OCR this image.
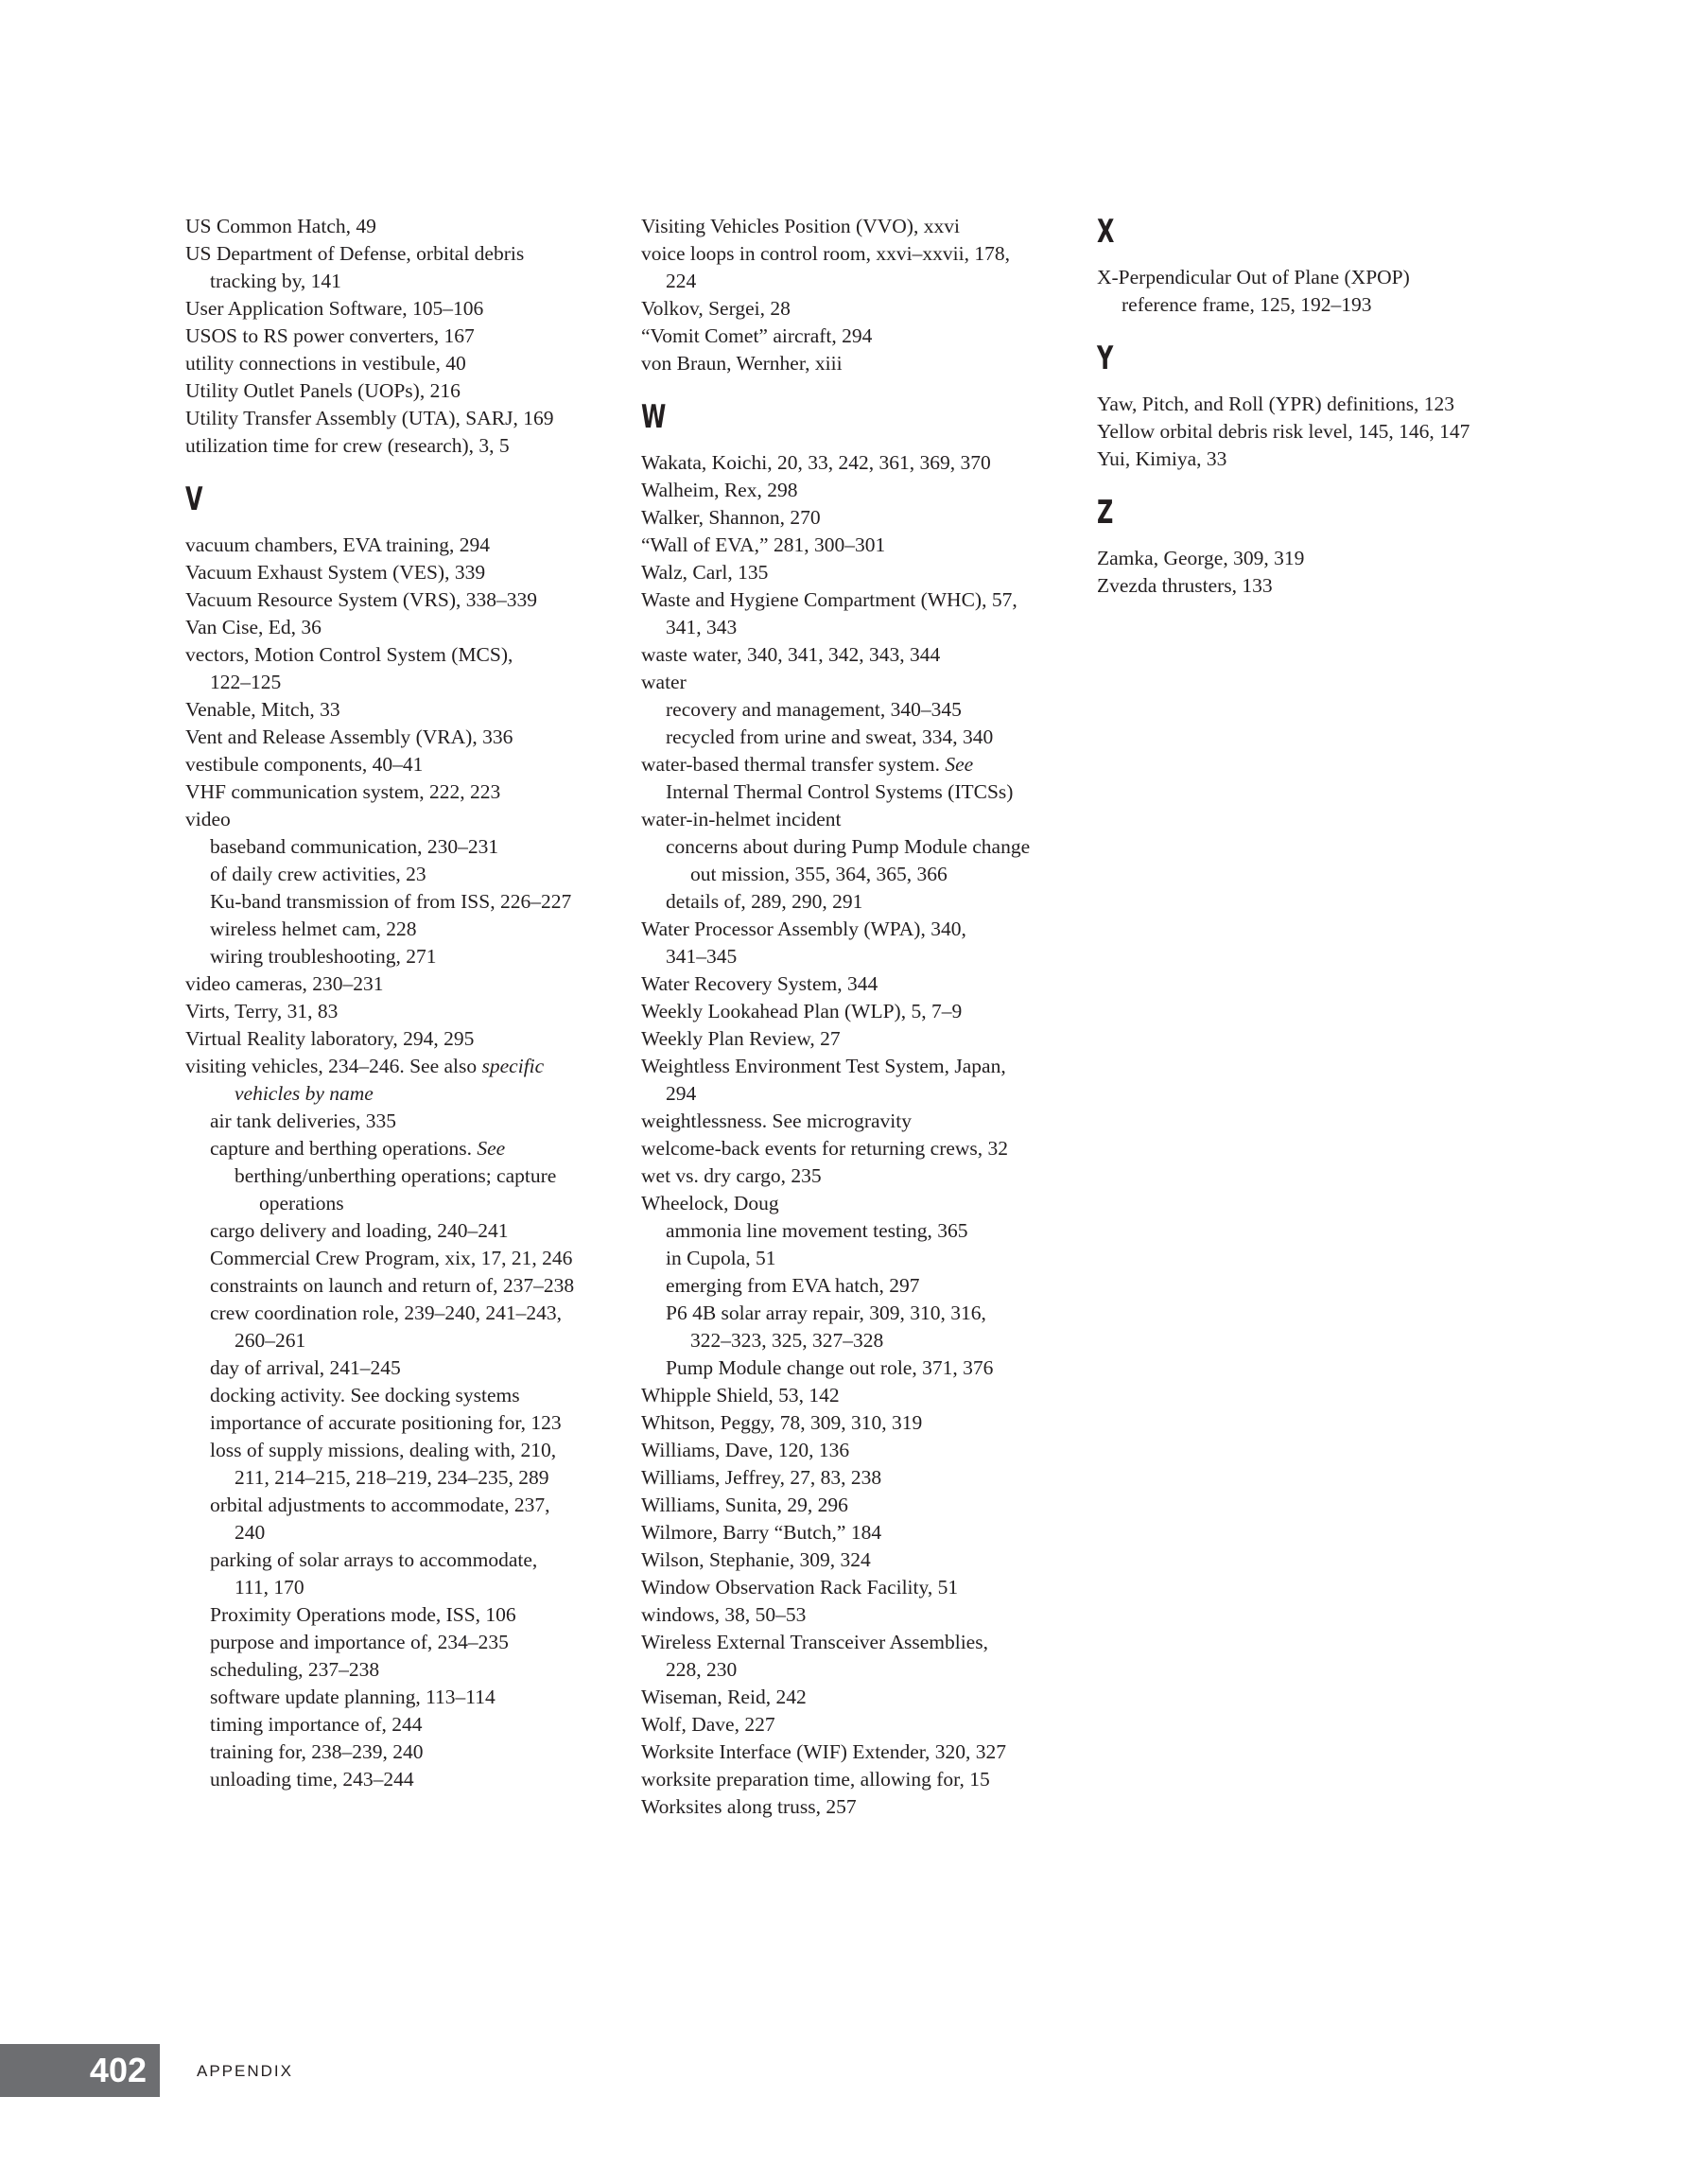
US Common Hatch, 49
US Department of Defense, orbital debris
tracking by, 141
User Application Software, 105–106
USOS to RS power converters, 167
utility connections in vestibule, 40
Utility Outlet Panels (UOPs), 216
Utility Transfer Assembly (UTA), SARJ, 169
utilization time for crew (research), 3, 5
V
vacuum chambers, EVA training, 294
Vacuum Exhaust System (VES), 339
Vacuum Resource System (VRS), 338–339
Van Cise, Ed, 36
vectors, Motion Control System (MCS),
122–125
Venable, Mitch, 33
Vent and Release Assembly (VRA), 336
vestibule components, 40–41
VHF communication system, 222, 223
video
baseband communication, 230–231
of daily crew activities, 23
Ku-band transmission of from ISS, 226–227
wireless helmet cam, 228
wiring troubleshooting, 271
video cameras, 230–231
Virts, Terry, 31, 83
Virtual Reality laboratory, 294, 295
visiting vehicles, 234–246. See also specific
vehicles by name
air tank deliveries, 335
capture and berthing operations. See
berthing/unberthing operations; capture
operations
cargo delivery and loading, 240–241
Commercial Crew Program, xix, 17, 21, 246
constraints on launch and return of, 237–238
crew coordination role, 239–240, 241–243,
260–261
day of arrival, 241–245
docking activity. See docking systems
importance of accurate positioning for, 123
loss of supply missions, dealing with, 210,
211, 214–215, 218–219, 234–235, 289
orbital adjustments to accommodate, 237,
240
parking of solar arrays to accommodate,
111, 170
Proximity Operations mode, ISS, 106
purpose and importance of, 234–235
scheduling, 237–238
software update planning, 113–114
timing importance of, 244
training for, 238–239, 240
unloading time, 243–244
Visiting Vehicles Position (VVO), xxvi
voice loops in control room, xxvi–xxvii, 178,
224
Volkov, Sergei, 28
“Vomit Comet” aircraft, 294
von Braun, Wernher, xiii
W
Wakata, Koichi, 20, 33, 242, 361, 369, 370
Walheim, Rex, 298
Walker, Shannon, 270
“Wall of EVA,” 281, 300–301
Walz, Carl, 135
Waste and Hygiene Compartment (WHC), 57,
341, 343
waste water, 340, 341, 342, 343, 344
water
recovery and management, 340–345
recycled from urine and sweat, 334, 340
water-based thermal transfer system. See
Internal Thermal Control Systems (ITCSs)
water-in-helmet incident
concerns about during Pump Module change
out mission, 355, 364, 365, 366
details of, 289, 290, 291
Water Processor Assembly (WPA), 340,
341–345
Water Recovery System, 344
Weekly Lookahead Plan (WLP), 5, 7–9
Weekly Plan Review, 27
Weightless Environment Test System, Japan,
294
weightlessness. See microgravity
welcome-back events for returning crews, 32
wet vs. dry cargo, 235
Wheelock, Doug
ammonia line movement testing, 365
in Cupola, 51
emerging from EVA hatch, 297
P6 4B solar array repair, 309, 310, 316,
322–323, 325, 327–328
Pump Module change out role, 371, 376
Whipple Shield, 53, 142
Whitson, Peggy, 78, 309, 310, 319
Williams, Dave, 120, 136
Williams, Jeffrey, 27, 83, 238
Williams, Sunita, 29, 296
Wilmore, Barry “Butch,” 184
Wilson, Stephanie, 309, 324
Window Observation Rack Facility, 51
windows, 38, 50–53
Wireless External Transceiver Assemblies,
228, 230
Wiseman, Reid, 242
Wolf, Dave, 227
Worksite Interface (WIF) Extender, 320, 327
worksite preparation time, allowing for, 15
Worksites along truss, 257
X
X-Perpendicular Out of Plane (XPOP)
reference frame, 125, 192–193
Y
Yaw, Pitch, and Roll (YPR) definitions, 123
Yellow orbital debris risk level, 145, 146, 147
Yui, Kimiya, 33
Z
Zamka, George, 309, 319
Zvezda thrusters, 133
402	APPENDIX
